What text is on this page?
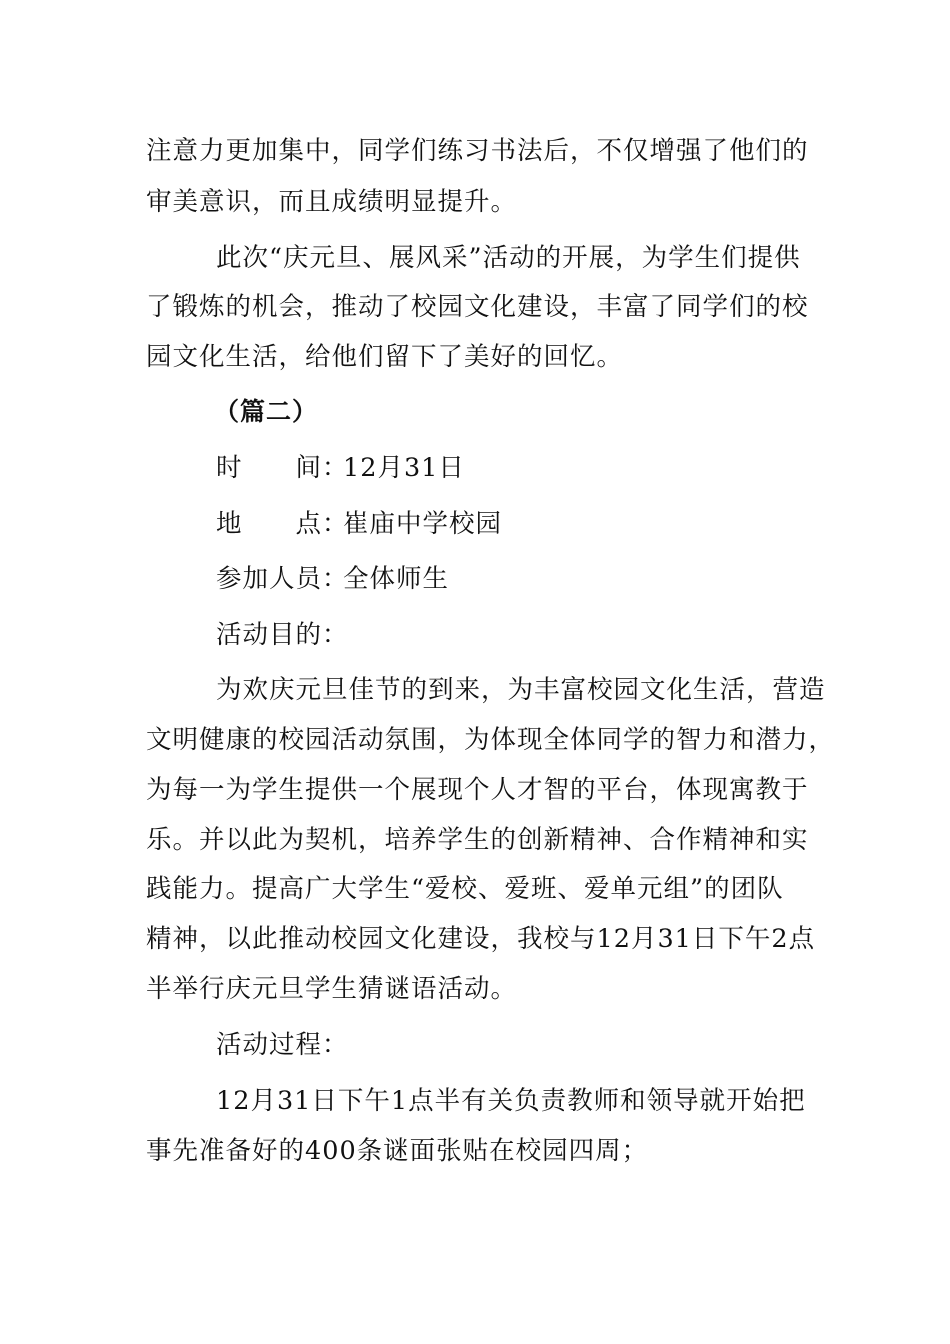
注意力更加集中，同学们练习书法后，不仅增强了他们的
审美意识，而且成绩明显提升。
此次“庆元旦、展风采”活动的开展，为学生们提供
了锻炼的机会，推动了校园文化建设，丰富了同学们的校
园文化生活，给他们留下了美好的回忆。
（篇二）
时　　间：12月31日
地　　点：崔庙中学校园
参加人员：全体师生
活动目的：
为欢庆元旦佳节的到来，为丰富校园文化生活，营造
文明健康的校园活动氛围，为体现全体同学的智力和潜力，
为每一为学生提供一个展现个人才智的平台，体现寓教于
乐。并以此为契机，培养学生的创新精神、合作精神和实
践能力。提高广大学生“爱校、爱班、爱单元组”的团队
精神，以此推动校园文化建设，我校与12月31日下午2点
半举行庆元旦学生猜谜语活动。
活动过程：
12月31日下午1点半有关负责教师和领导就开始把
事先准备好的400条谜面张贴在校园四周；
